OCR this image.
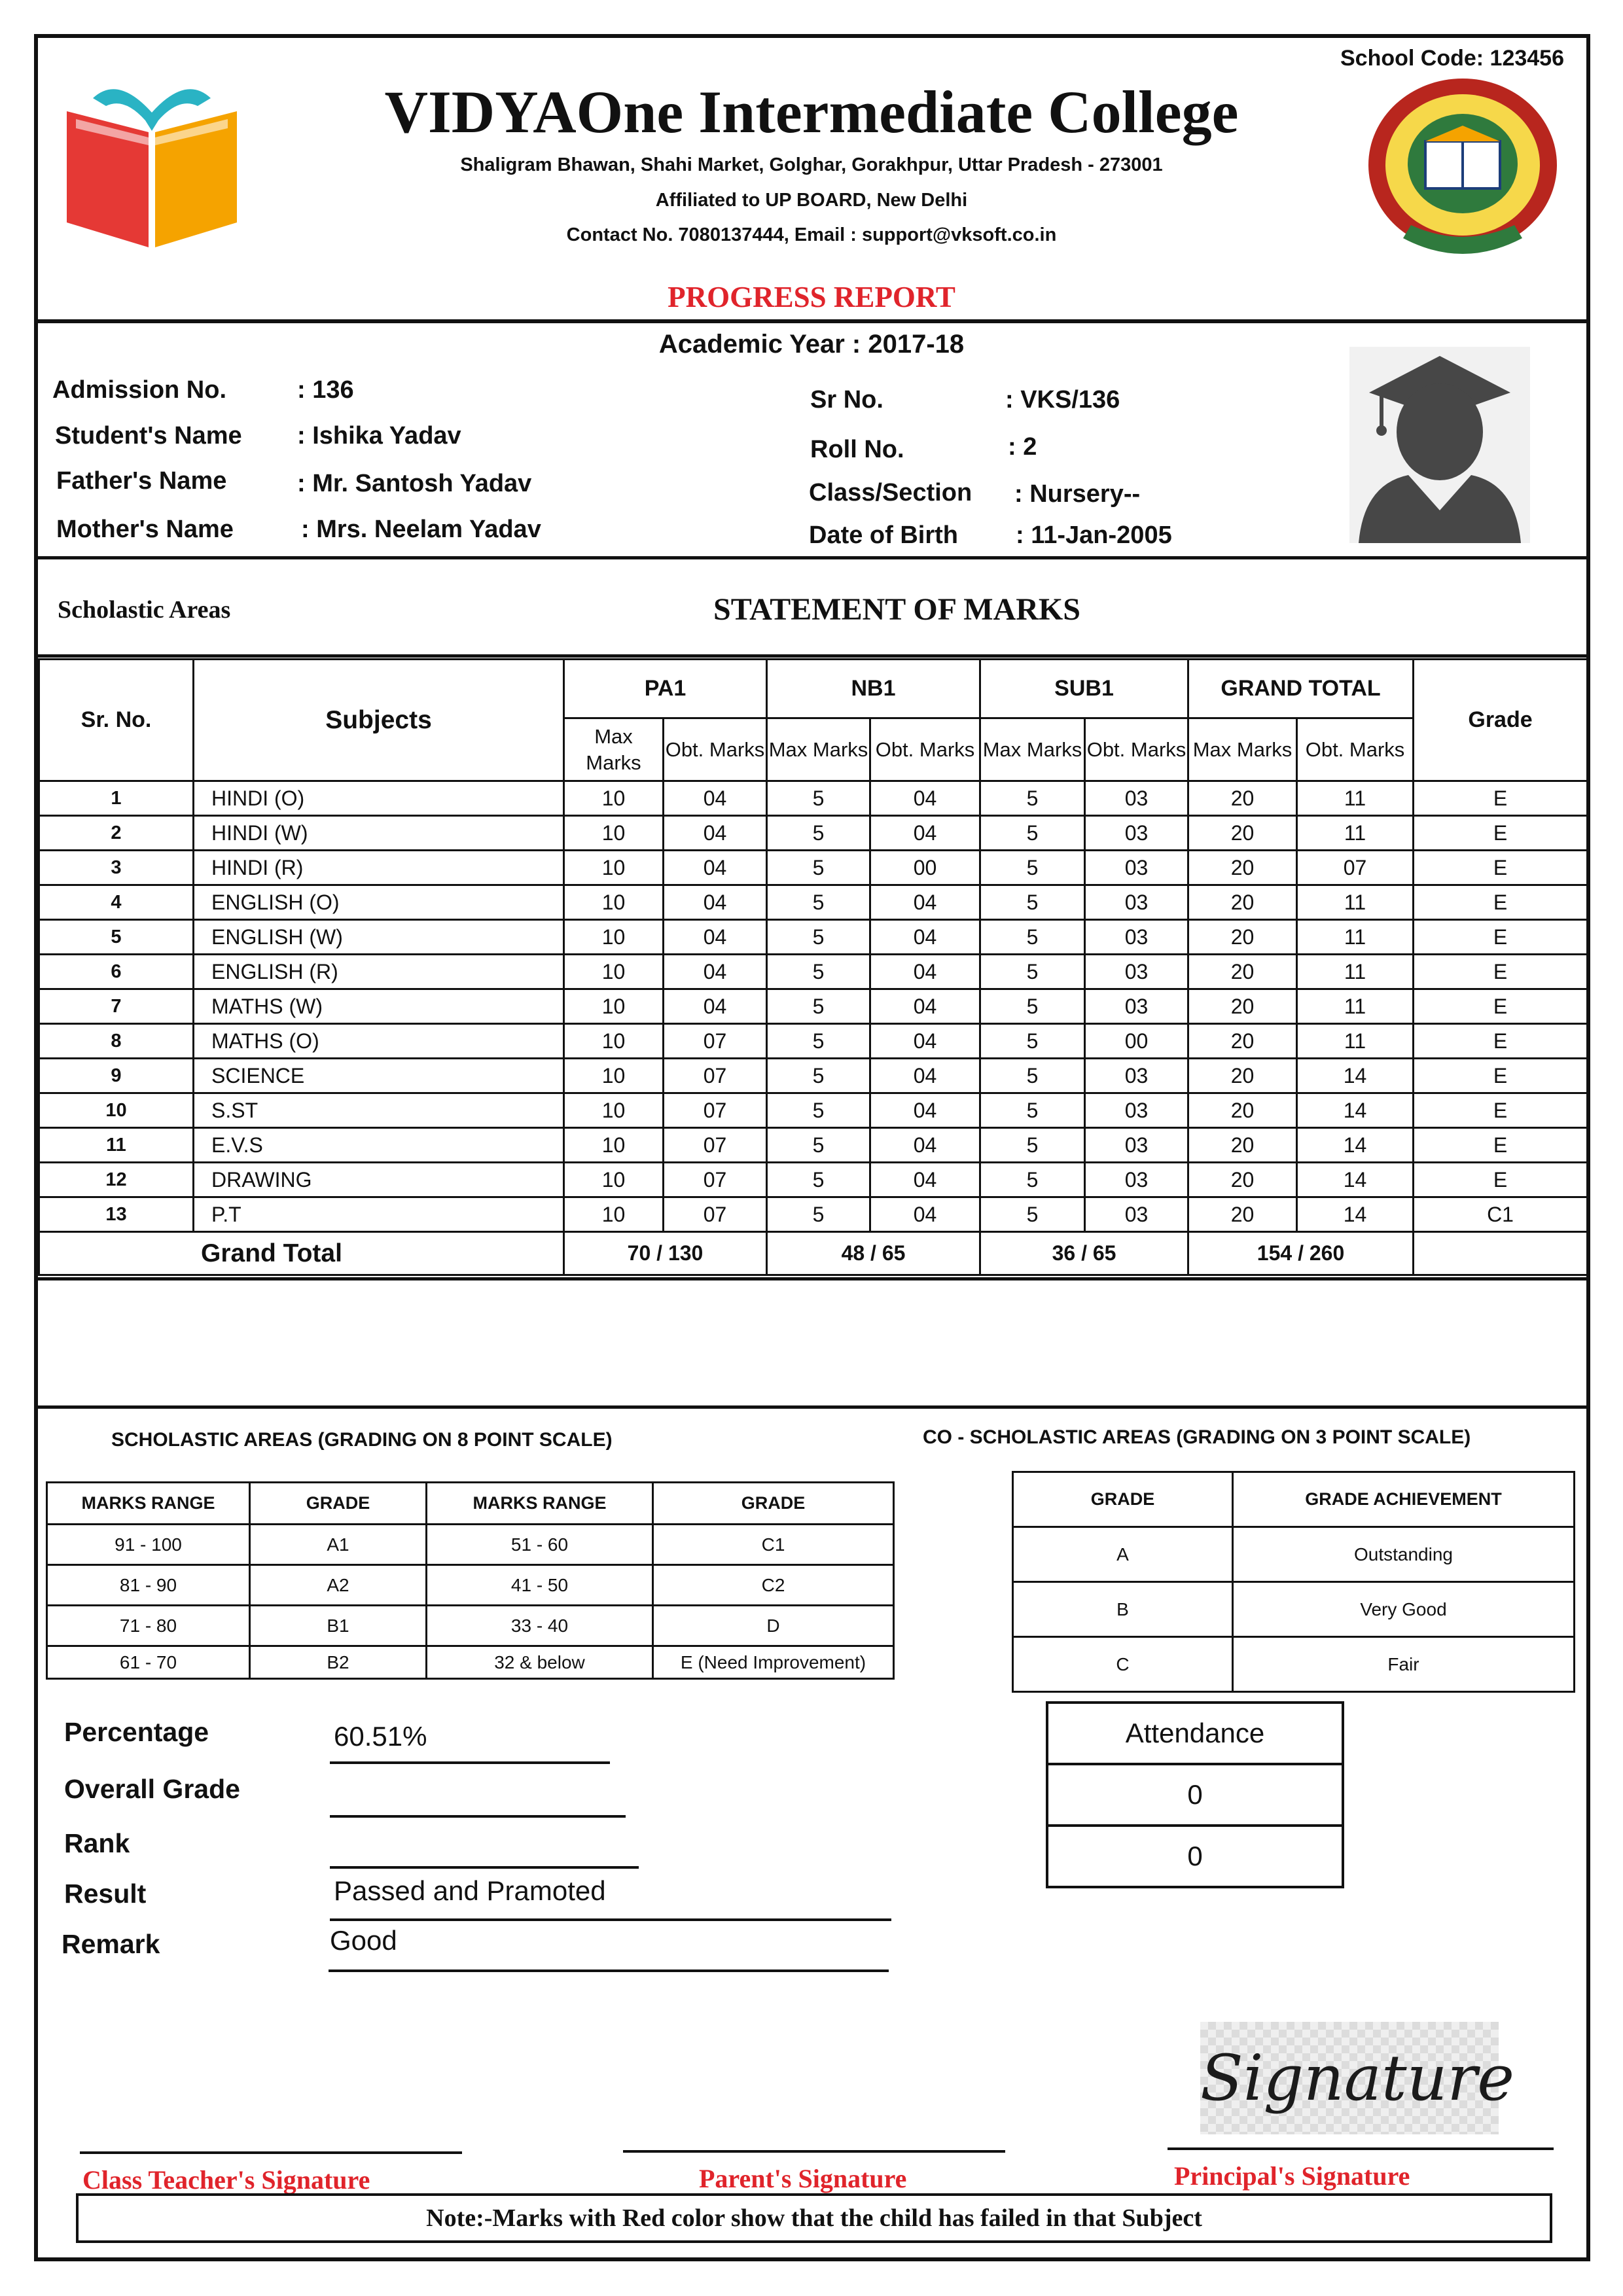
School Code: 123456
VIDYAOne Intermediate College
Shaligram Bhawan, Shahi Market, Golghar, Gorakhpur, Uttar Pradesh - 273001
Affiliated to UP BOARD, New Delhi
Contact No. 7080137444, Email : support@vksoft.co.in
PROGRESS REPORT
Academic Year : 2017-18
Admission No.	: 136
Student's Name : Ishika Yadav
Father's Name	: Mr. Santosh Yadav
Mother's Name	: Mrs. Neelam Yadav
Sr No.	: VKS/136
Roll No.	: 2
Class/Section : Nursery--
Date of Birth : 11-Jan-2005
Scholastic Areas	STATEMENT OF MARKS
Sr. No.	Subjects	PA1		NB1		SUB1		GRAND TOTAL		Grade
		Max Marks	Obt. Marks	Max Marks	Obt. Marks	Max Marks	Obt. Marks	Max Marks	Obt. Marks	
1	HINDI (O)	10	04	5	04	5	03	20	11	E
2	HINDI (W)	10	04	5	04	5	03	20	11	E
3	HINDI (R)	10	04	5	00	5	03	20	07	E
4	ENGLISH (O)	10	04	5	04	5	03	20	11	E
5	ENGLISH (W)	10	04	5	04	5	03	20	11	E
6	ENGLISH (R)	10	04	5	04	5	03	20	11	E
7	MATHS (W)	10	04	5	04	5	03	20	11	E
8	MATHS (O)	10	07	5	04	5	00	20	11	E
9	SCIENCE	10	07	5	04	5	03	20	14	E
10	S.ST	10	07	5	04	5	03	20	14	E
11	E.V.S	10	07	5	04	5	03	20	14	E
12	DRAWING	10	07	5	04	5	03	20	14	E
13	P.T	10	07	5	04	5	03	20	14	C1
Grand Total		70 / 130		48 / 65		36 / 65		154 / 260		
SCHOLASTIC AREAS (GRADING ON 8 POINT SCALE)	CO - SCHOLASTIC AREAS (GRADING ON 3 POINT SCALE)
MARKS RANGE	GRADE	MARKS RANGE	GRADE
91 - 100	A1	51 - 60	C1
81 - 90	A2	41 - 50	C2
71 - 80	B1	33 - 40	D
61 - 70	B2	32 & below	E (Need Improvement)
GRADE	GRADE ACHIEVEMENT
A	Outstanding
B	Very Good
C	Fair
Percentage	60.51%
Overall Grade
Rank
Result	Passed and Pramoted
Remark	Good
Attendance
0
0
Signature
Class Teacher's Signature	Parent's Signature	Principal's Signature
Note:-Marks with Red color show that the child has failed in that Subject
